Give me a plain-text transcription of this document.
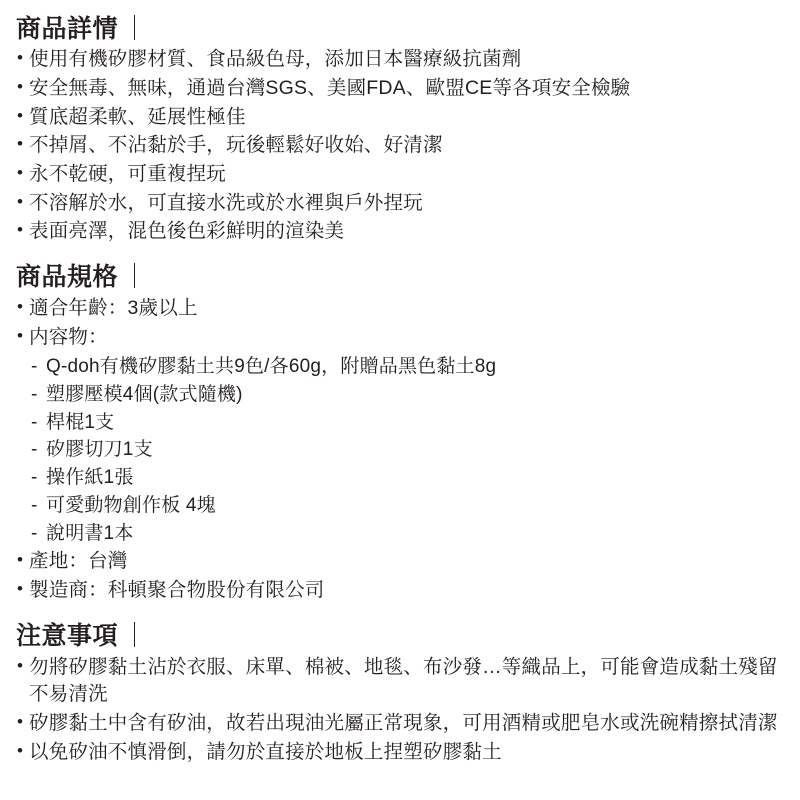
商品詳情 ｜
• 使用有機矽膠材質、食品級色母，添加日本醫療級抗菌劑
• 安全無毒、無味，通過台灣SGS、美國FDA、歐盟CE等各項安全檢驗
• 質底超柔軟、延展性極佳
• 不掉屑、不沾黏於手，玩後輕鬆好收始、好清潔
• 永不乾硬，可重複捏玩
• 不溶解於水，可直接水洗或於水裡與戶外捏玩
• 表面亮澤，混色後色彩鮮明的渲染美
商品規格 ｜
• 適合年齡：3歲以上
• 内容物：
- Q-doh有機矽膠黏土共9色/各60g，附贈品黑色黏土8g
- 塑膠壓模4個(款式隨機)
- 桿棍1支
- 矽膠切刀1支
- 操作紙1張
- 可愛動物創作板 4塊
- 說明書1本
• 產地：台灣
• 製造商：科頓聚合物股份有限公司
注意事項 ｜
• 勿將矽膠黏土沾於衣服、床單、棉被、地毯、布沙發…等織品上，可能會造成黏土殘留不易清洗
• 矽膠黏土中含有矽油，故若出現油光屬正常現象，可用酒精或肥皂水或洗碗精擦拭清潔
• 以免矽油不慎滑倒，請勿於直接於地板上捏塑矽膠黏土
